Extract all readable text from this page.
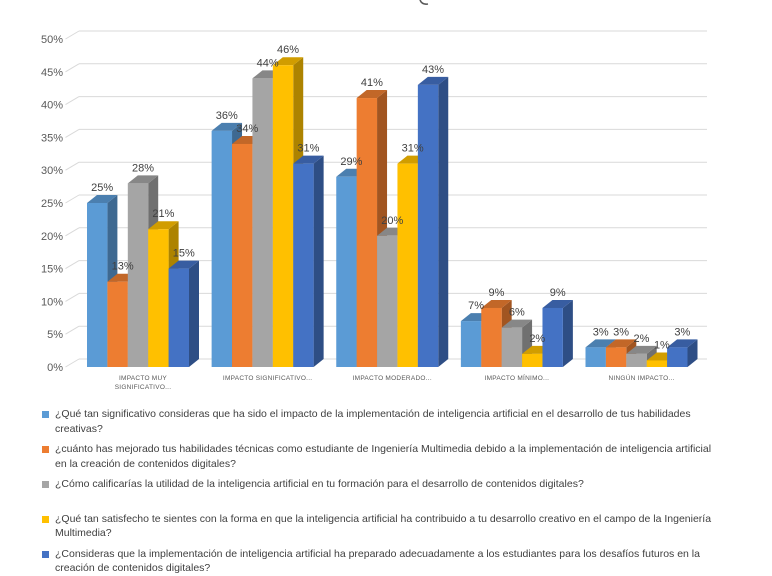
0%
5%
10%
15%
20%
25%
30%
35%
40%
45%
50%
25%
13%
28%
21%
15%
36%
34%
44%
46%
31%
29%
41%
20%
31%
43%
7%
9%
6%
2%
9%
3% 3%
2%
1%
3%
IMPACTO MUY
SIGNIFICATIVO...
IMPACTO SIGNIFICATIVO...	IMPACTO MODERADO...	IMPACTO MÍNIMO...	NINGÚN IMPACTO...
¿Qué tan significativo consideras que ha sido el impacto de la implementación de inteligencia artificial en el desarrollo de tus habilidades creativas?
¿cuánto has mejorado tus habilidades técnicas como estudiante de Ingeniería Multimedia debido a la implementación de inteligencia artificial en la creación de contenidos digitales?
¿Cómo calificarías la utilidad de la inteligencia artificial en tu formación para el desarrollo de contenidos digitales?
¿Qué tan satisfecho te sientes con la forma en que la inteligencia artificial ha contribuido a tu desarrollo creativo en el campo de la Ingeniería Multimedia?
¿Consideras que la implementación de inteligencia artificial ha preparado adecuadamente a los estudiantes para los desafíos futuros en la creación de contenidos digitales?
